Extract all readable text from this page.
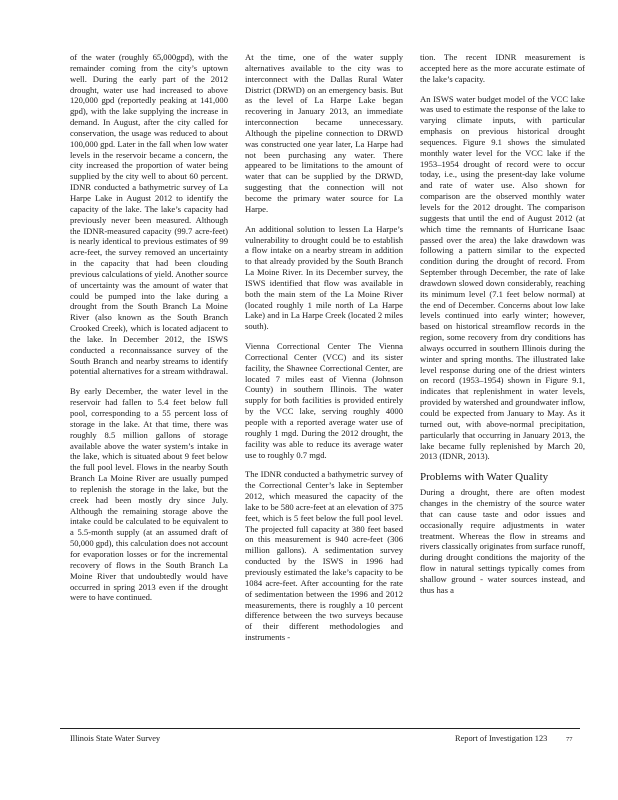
of the water (roughly 65,000gpd), with the remainder coming from the city’s uptown well. During the early part of the 2012 drought, water use had increased to above 120,000 gpd (reportedly peaking at 141,000 gpd), with the lake supplying the increase in demand. In August, after the city called for conservation, the usage was reduced to about 100,000 gpd. Later in the fall when low water levels in the reservoir became a concern, the city increased the proportion of water being supplied by the city well to about 60 percent. IDNR conducted a bathymetric survey of La Harpe Lake in August 2012 to identify the capacity of the lake. The lake’s capacity had previously never been measured. Although the IDNR-measured capacity (99.7 acre-feet) is nearly identical to previous estimates of 99 acre-feet, the survey removed an uncertainty in the capacity that had been clouding previous calculations of yield. Another source of uncertainty was the amount of water that could be pumped into the lake during a drought from the South Branch La Moine River (also known as the South Branch Crooked Creek), which is located adjacent to the lake. In December 2012, the ISWS conducted a reconnaissance survey of the South Branch and nearby streams to identify potential alternatives for a stream withdrawal.

By early December, the water level in the reservoir had fallen to 5.4 feet below full pool, corresponding to a 55 percent loss of storage in the lake. At that time, there was roughly 8.5 million gallons of storage available above the water system’s intake in the lake, which is situated about 9 feet below the full pool level. Flows in the nearby South Branch La Moine River are usually pumped to replenish the storage in the lake, but the creek had been mostly dry since July. Although the remaining storage above the intake could be calculated to be equivalent to a 5.5-month supply (at an assumed draft of 50,000 gpd), this calculation does not account for evaporation losses or for the incremental recovery of flows in the South Branch La Moine River that undoubtedly would have occurred in spring 2013 even if the drought were to have continued.

At the time, one of the water supply alternatives available to the city was to interconnect with the Dallas Rural Water District (DRWD) on an emergency basis. But as the level of La Harpe Lake began recovering in January 2013, an immediate interconnection became unnecessary. Although the pipeline connection to DRWD was constructed one year later, La Harpe had not been purchasing any water. There appeared to be limitations to the amount of water that can be supplied by the DRWD, suggesting that the connection will not become the primary water source for La Harpe.

An additional solution to lessen La Harpe’s vulnerability to drought could be to establish a flow intake on a nearby stream in addition to that already provided by the South Branch La Moine River. In its December survey, the ISWS identified that flow was available in both the main stem of the La Moine River (located roughly 1 mile north of La Harpe Lake) and in La Harpe Creek (located 2 miles south).

Vienna Correctional Center The Vienna Correctional Center (VCC) and its sister facility, the Shawnee Correctional Center, are located 7 miles east of Vienna (Johnson County) in southern Illinois. The water supply for both facilities is provided entirely by the VCC lake, serving roughly 4000 people with a reported average water use of roughly 1 mgd. During the 2012 drought, the facility was able to reduce its average water use to roughly 0.7 mgd.

The IDNR conducted a bathymetric survey of the Correctional Center’s lake in September 2012, which measured the capacity of the lake to be 580 acre-feet at an elevation of 375 feet, which is 5 feet below the full pool level. The projected full capacity at 380 feet based on this measurement is 940 acre-feet (306 million gallons). A sedimentation survey conducted by the ISWS in 1996 had previously estimated the lake’s capacity to be 1084 acre-feet. After accounting for the rate of sedimentation between the 1996 and 2012 measurements, there is roughly a 10 percent difference between the two surveys because of their different methodologies and instruments -

tion. The recent IDNR measurement is accepted here as the more accurate estimate of the lake’s capacity.

An ISWS water budget model of the VCC lake was used to estimate the response of the lake to varying climate inputs, with particular emphasis on previous historical drought sequences. Figure 9.1 shows the simulated monthly water level for the VCC lake if the 1953–1954 drought of record were to occur today, i.e., using the present-day lake volume and rate of water use. Also shown for comparison are the observed monthly water levels for the 2012 drought. The comparison suggests that until the end of August 2012 (at which time the remnants of Hurricane Isaac passed over the area) the lake drawdown was following a pattern similar to the expected condition during the drought of record. From September through December, the rate of lake drawdown slowed down considerably, reaching its minimum level (7.1 feet below normal) at the end of December. Concerns about low lake levels continued into early winter; however, based on historical streamflow records in the region, some recovery from dry conditions has always occurred in southern Illinois during the winter and spring months. The illustrated lake level response during one of the driest winters on record (1953–1954) shown in Figure 9.1, indicates that replenishment in water levels, provided by watershed and groundwater inflow, could be expected from January to May. As it turned out, with above-normal precipitation, particularly that occurring in January 2013, the lake became fully replenished by March 20, 2013 (IDNR, 2013).

Problems with Water Quality

During a drought, there are often modest changes in the chemistry of the source water that can cause taste and odor issues and occasionally require adjustments in water treatment. Whereas the flow in streams and rivers classically originates from surface runoff, during drought conditions the majority of the flow in natural settings typically comes from shallow ground - water sources instead, and thus has a

Illinois State Water Survey	Report of Investigation 123	77
